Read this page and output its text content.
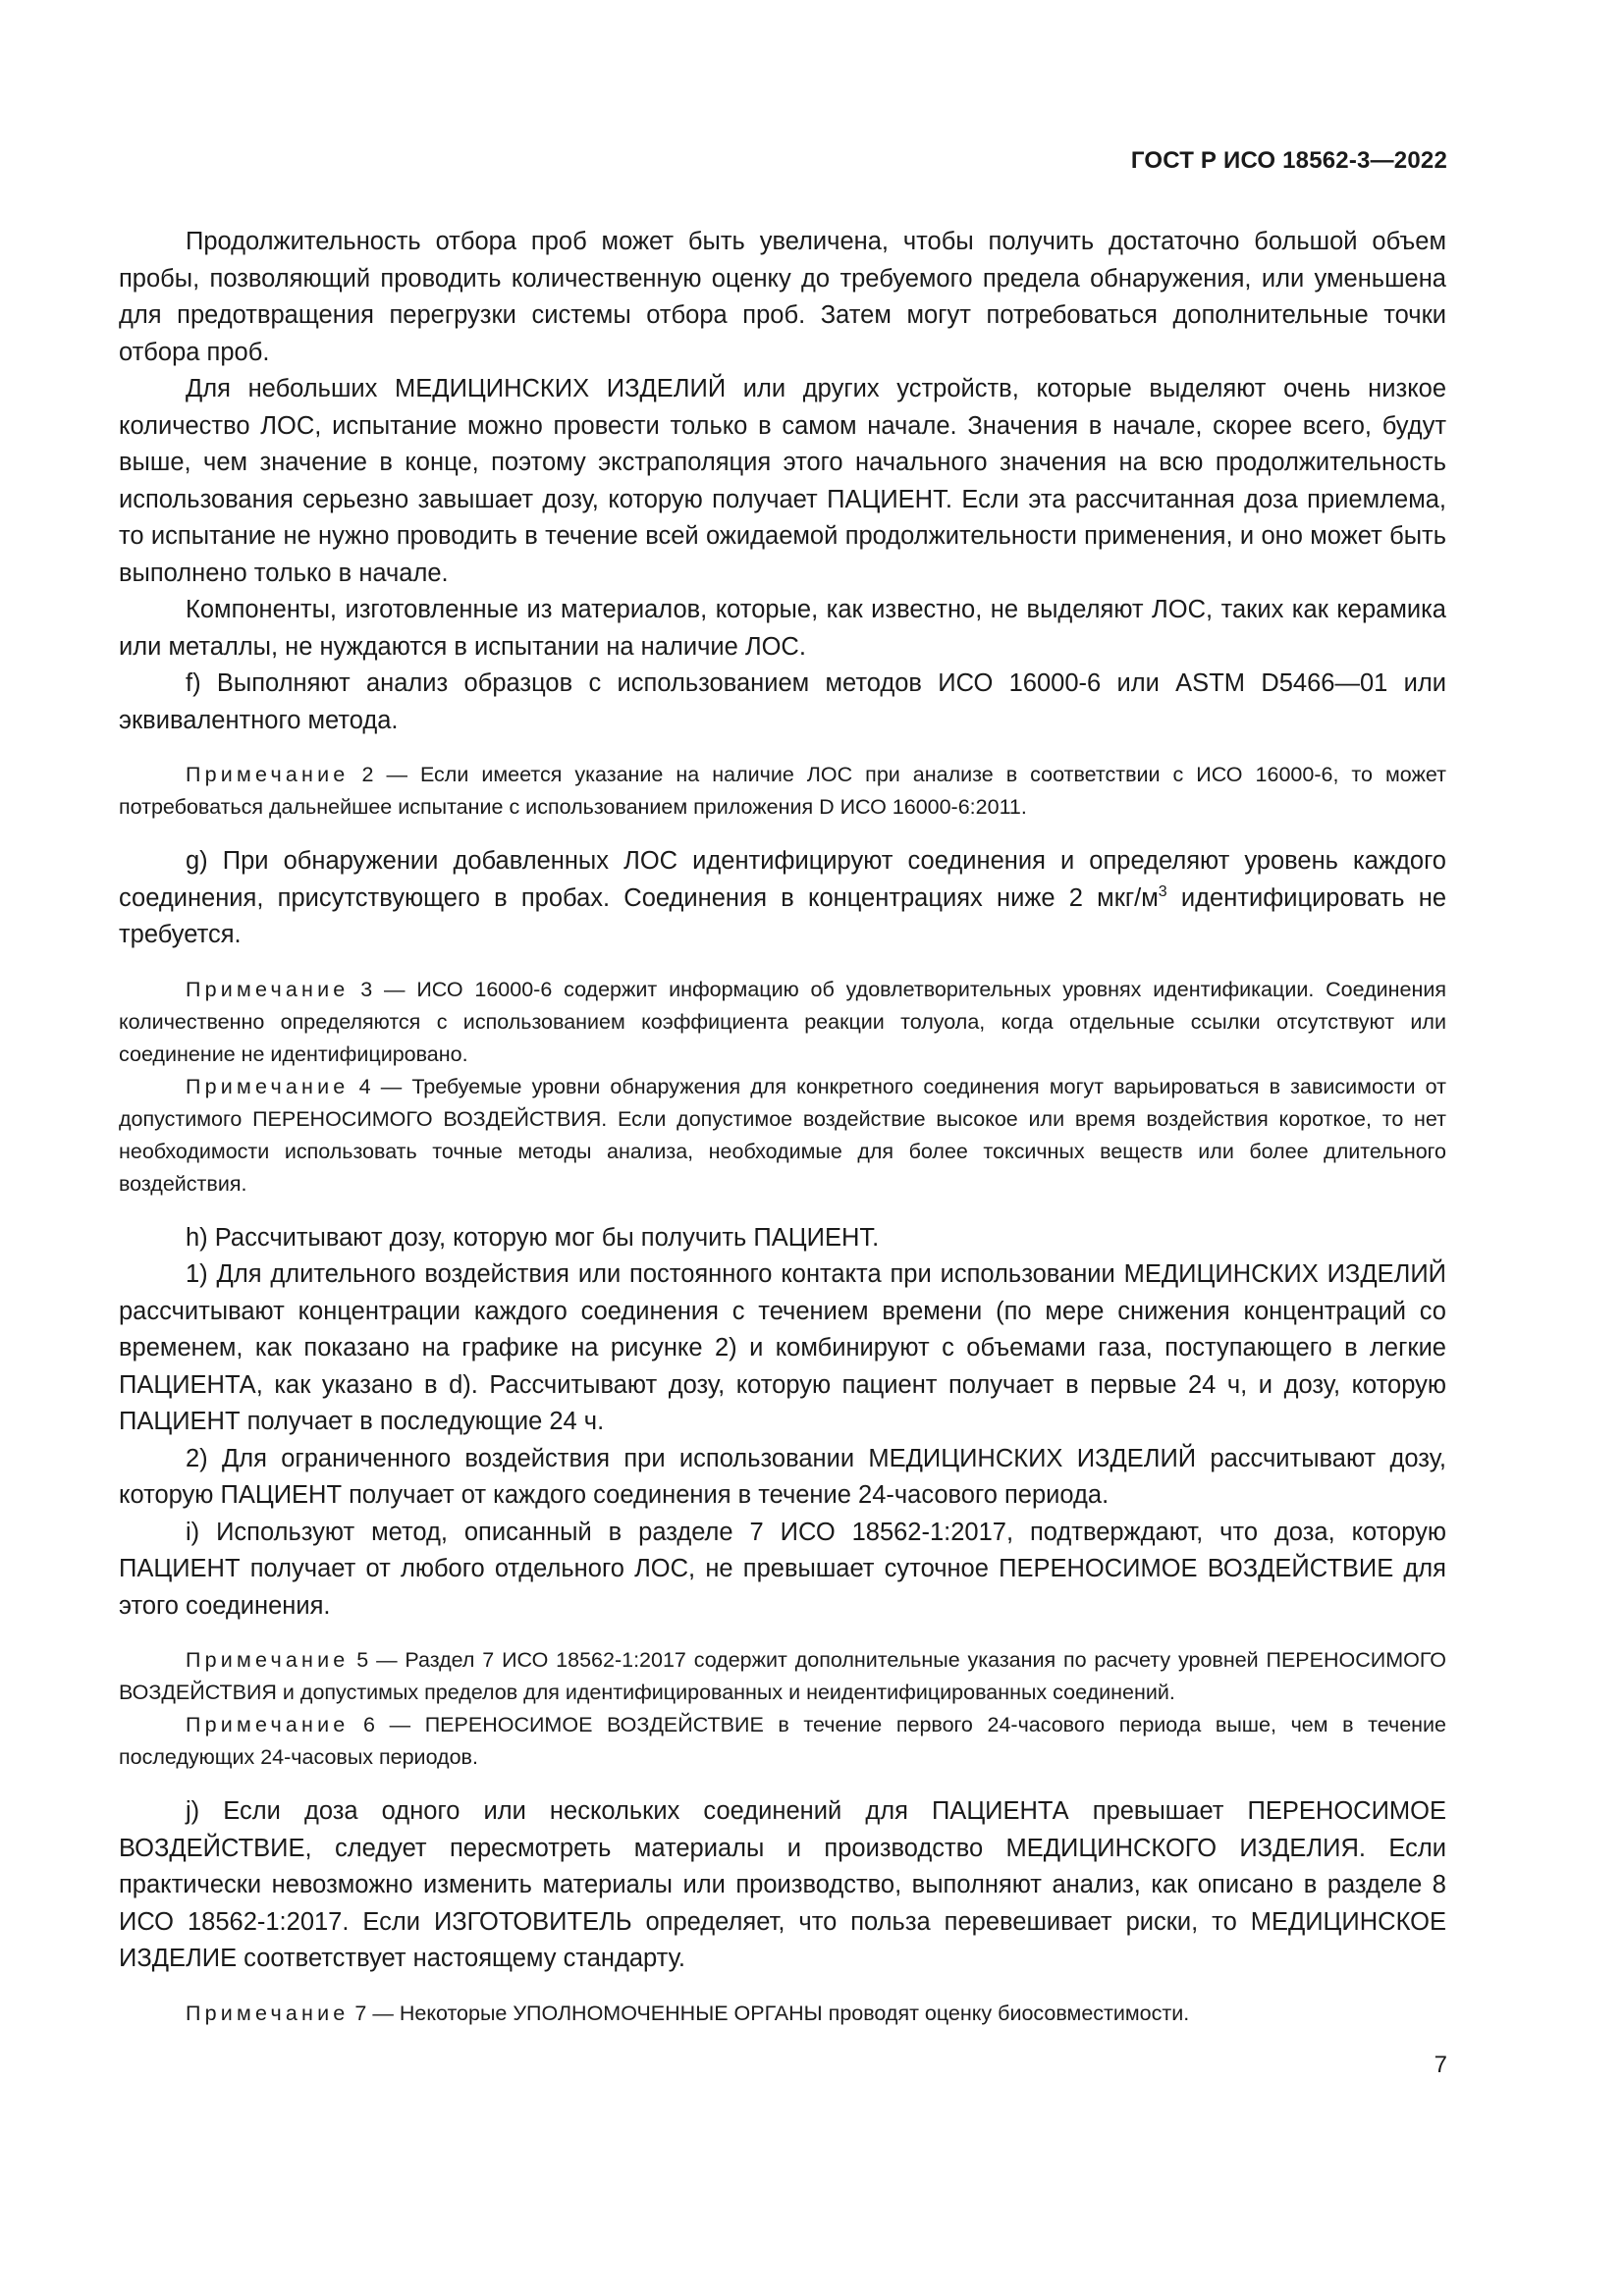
ГОСТ Р ИСО 18562-3—2022

Продолжительность отбора проб может быть увеличена, чтобы получить достаточно большой объем пробы, позволяющий проводить количественную оценку до требуемого предела обнаружения, или уменьшена для предотвращения перегрузки системы отбора проб. Затем могут потребоваться дополнительные точки отбора проб.

Для небольших МЕДИЦИНСКИХ ИЗДЕЛИЙ или других устройств, которые выделяют очень низкое количество ЛОС, испытание можно провести только в самом начале. Значения в начале, скорее всего, будут выше, чем значение в конце, поэтому экстраполяция этого начального значения на всю продолжительность использования серьезно завышает дозу, которую получает ПАЦИЕНТ. Если эта рассчитанная доза приемлема, то испытание не нужно проводить в течение всей ожидаемой продолжительности применения, и оно может быть выполнено только в начале.

Компоненты, изготовленные из материалов, которые, как известно, не выделяют ЛОС, таких как керамика или металлы, не нуждаются в испытании на наличие ЛОС.

f) Выполняют анализ образцов с использованием методов ИСО 16000-6 или ASTM D5466—01 или эквивалентного метода.

Примечание 2 — Если имеется указание на наличие ЛОС при анализе в соответствии с ИСО 16000-6, то может потребоваться дальнейшее испытание с использованием приложения D ИСО 16000-6:2011.

g) При обнаружении добавленных ЛОС идентифицируют соединения и определяют уровень каждого соединения, присутствующего в пробах. Соединения в концентрациях ниже 2 мкг/$м^3$ идентифицировать не требуется.

Примечание 3 — ИСО 16000-6 содержит информацию об удовлетворительных уровнях идентификации. Соединения количественно определяются с использованием коэффициента реакции толуола, когда отдельные ссылки отсутствуют или соединение не идентифицировано.

Примечание 4 — Требуемые уровни обнаружения для конкретного соединения могут варьироваться в зависимости от допустимого ПЕРЕНОСИМОГО ВОЗДЕЙСТВИЯ. Если допустимое воздействие высокое или время воздействия короткое, то нет необходимости использовать точные методы анализа, необходимые для более токсичных веществ или более длительного воздействия.

h) Рассчитывают дозу, которую мог бы получить ПАЦИЕНТ.

1) Для длительного воздействия или постоянного контакта при использовании МЕДИЦИНСКИХ ИЗДЕЛИЙ рассчитывают концентрации каждого соединения с течением времени (по мере снижения концентраций со временем, как показано на графике на рисунке 2) и комбинируют с объемами газа, поступающего в легкие ПАЦИЕНТА, как указано в d). Рассчитывают дозу, которую пациент получает в первые 24 ч, и дозу, которую ПАЦИЕНТ получает в последующие 24 ч.

2) Для ограниченного воздействия при использовании МЕДИЦИНСКИХ ИЗДЕЛИЙ рассчитывают дозу, которую ПАЦИЕНТ получает от каждого соединения в течение 24-часового периода.

i) Используют метод, описанный в разделе 7 ИСО 18562-1:2017, подтверждают, что доза, которую ПАЦИЕНТ получает от любого отдельного ЛОС, не превышает суточное ПЕРЕНОСИМОЕ ВОЗДЕЙСТВИЕ для этого соединения.

Примечание 5 — Раздел 7 ИСО 18562-1:2017 содержит дополнительные указания по расчету уровней ПЕРЕНОСИМОГО ВОЗДЕЙСТВИЯ и допустимых пределов для идентифицированных и неидентифицированных соединений.

Примечание 6 — ПЕРЕНОСИМОЕ ВОЗДЕЙСТВИЕ в течение первого 24-часового периода выше, чем в течение последующих 24-часовых периодов.

j) Если доза одного или нескольких соединений для ПАЦИЕНТА превышает ПЕРЕНОСИМОЕ ВОЗДЕЙСТВИЕ, следует пересмотреть материалы и производство МЕДИЦИНСКОГО ИЗДЕЛИЯ. Если практически невозможно изменить материалы или производство, выполняют анализ, как описано в разделе 8 ИСО 18562-1:2017. Если ИЗГОТОВИТЕЛЬ определяет, что польза перевешивает риски, то МЕДИЦИНСКОЕ ИЗДЕЛИЕ соответствует настоящему стандарту.

Примечание 7 — Некоторые УПОЛНОМОЧЕННЫЕ ОРГАНЫ проводят оценку биосовместимости.

7
